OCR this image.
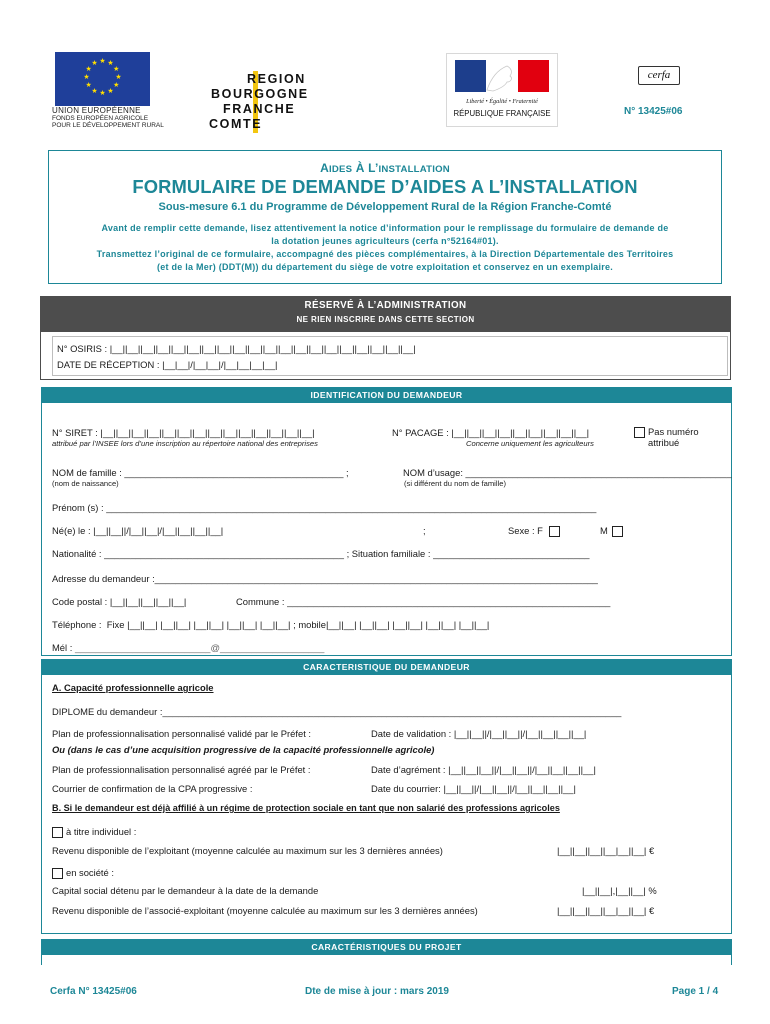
★ ★
★
★
★
★
★
★
★
★
★
★
UNION EUROPÉENNE
FONDS EUROPÉEN AGRICOLE
POUR LE DÉVELOPPEMENT RURAL
REGION
BOURGOGNE
FRANCHE
COMTE
Liberté • Égalité • Fraternité
RÉPUBLIQUE FRANÇAISE
cerfa
N° 13425#06
AIDES À L’INSTALLATION
FORMULAIRE DE DEMANDE D’AIDES A L’INSTALLATION
Sous-mesure 6.1 du Programme de Développement Rural de la Région Franche-Comté
Avant de remplir cette demande, lisez attentivement la notice d’information pour le remplissage du formulaire de demande de
la dotation jeunes agriculteurs (cerfa n°52164#01).
Transmettez l’original de ce formulaire, accompagné des pièces complémentaires, à la Direction Départementale des Territoires
(et de la Mer) (DDT(M)) du département du siège de votre exploitation et conservez en un exemplaire.
RÉSERVÉ À L’ADMINISTRATION
NE RIEN INSCRIRE DANS CETTE SECTION
N° OSIRIS : |__||__||__||__||__||__||__||__||__||__||__||__||__||__||__||__||__||__||__||__|
DATE DE RÉCEPTION : |__|__|/|__|__|/|__|__|__|__|
IDENTIFICATION DU DEMANDEUR
N° SIRET : |__||__||__||__||__||__||__||__||__||__||__||__||__||__|
attribué par l’INSEE lors d’une inscription au répertoire national des entreprises
N° PACAGE : |__||__||__||__||__||__||__||__||__|
Concerne uniquement les agriculteurs
Pas numéro
attribué
NOM de famille : __________________________________________ ;
(nom de naissance)
NOM d’usage: ___________________________________________________
(si différent du nom de famille)
Prénom (s) : ______________________________________________________________________________________________
Né(e) le : |__||__||/|__||__|/|__||__||__||__|	;	Sexe : F	M
Nationalité : ______________________________________________ ; Situation familiale : ______________________________
Adresse du demandeur :_____________________________________________________________________________________
Code postal : |__||__||__||__||__|	Commune : ______________________________________________________________
Téléphone : Fixe |__||__| |__||__| |__||__| |__||__| |__||__| ; mobile|__||__| |__||__| |__||__| |__||__| |__||__|
Mél : __________________________@____________________
CARACTERISTIQUE DU DEMANDEUR
A. Capacité professionnelle agricole
DIPLOME du demandeur :________________________________________________________________________________________
Plan de professionnalisation personnalisé validé par le Préfet :	Date de validation : |__||__||/|__||__||/|__||__||__||__|
Ou (dans le cas d’une acquisition progressive de la capacité professionnelle agricole)
Plan de professionnalisation personnalisé agréé par le Préfet :	Date d’agrément : |__||__||__||/|__||__||/|__||__||__||__|
Courrier de confirmation de la CPA progressive :	Date du courrier: |__||__||/|__||__||/|__||__||__||__|
B. Si le demandeur est déjà affilié à un régime de protection sociale en tant que non salarié des professions agricoles
à titre individuel :
Revenu disponible de l’exploitant (moyenne calculée au maximum sur les 3 dernières années)	|__||__||__||__|__||__| €
en société :
Capital social détenu par le demandeur à la date de la demande	|__||__|,|__||__| %
Revenu disponible de l’associé-exploitant (moyenne calculée au maximum sur les 3 dernières années)	|__||__||__||__|__||__| €
CARACTÉRISTIQUES DU PROJET
Cerfa N° 13425#06	Dte de mise à jour : mars 2019	Page 1 / 4
